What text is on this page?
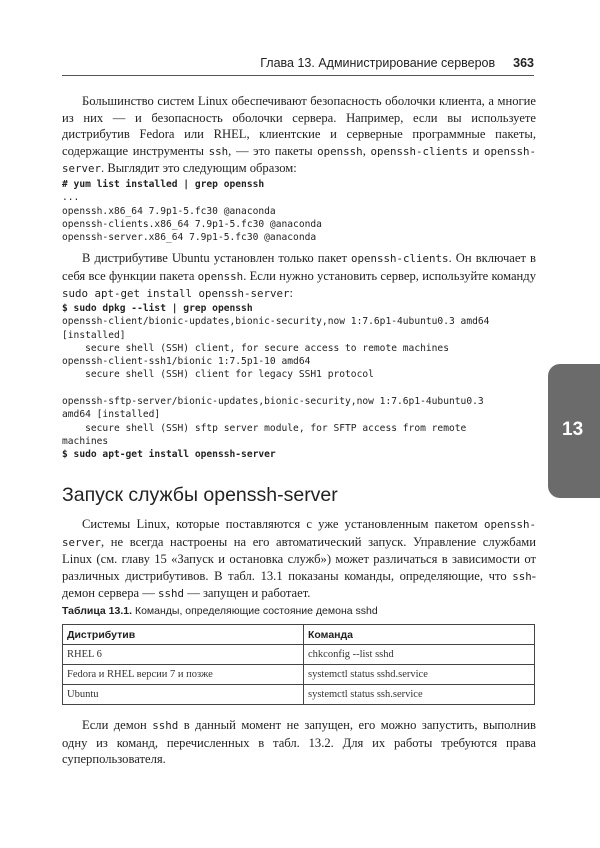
Глава 13. Администрирование серверов 363

Большинство систем Linux обеспечивают безопасность оболочки клиента, а многие из них — и безопасность оболочки сервера. Например, если вы используете дистрибутив Fedora или RHEL, клиентские и серверные программные пакеты, содержащие инструменты ssh, — это пакеты openssh, openssh-clients и openssh-server. Выглядит это следующим образом:

# yum list installed | grep openssh
...
openssh.x86_64 7.9p1-5.fc30 @anaconda
openssh-clients.x86_64 7.9p1-5.fc30 @anaconda
openssh-server.x86_64 7.9p1-5.fc30 @anaconda

В дистрибутиве Ubuntu установлен только пакет openssh-clients. Он включает в себя все функции пакета openssh. Если нужно установить сервер, используйте команду sudo apt-get install openssh-server:

$ sudo dpkg --list | grep openssh
openssh-client/bionic-updates,bionic-security,now 1:7.6p1-4ubuntu0.3 amd64
[installed]
secure shell (SSH) client, for secure access to remote machines
openssh-client-ssh1/bionic 1:7.5p1-10 amd64
secure shell (SSH) client for legacy SSH1 protocol

openssh-sftp-server/bionic-updates,bionic-security,now 1:7.6p1-4ubuntu0.3
amd64 [installed]
secure shell (SSH) sftp server module, for SFTP access from remote
machines
$ sudo apt-get install openssh-server
13
Запуск службы openssh-server

Системы Linux, которые поставляются с уже установленным пакетом openssh-server, не всегда настроены на его автоматический запуск. Управление службами Linux (см. главу 15 «Запуск и остановка служб») может различаться в зависимости от различных дистрибутивов. В табл. 13.1 показаны команды, определяющие, что ssh-демон сервера — sshd — запущен и работает.

Таблица 13.1. Команды, определяющие состояние демона sshd
Дистрибутив	Команда
RHEL 6	chkconfig --list sshd
Fedora и RHEL версии 7 и позже	systemctl status sshd.service
Ubuntu	systemctl status ssh.service

Если демон sshd в данный момент не запущен, его можно запустить, выполнив одну из команд, перечисленных в табл. 13.2. Для их работы требуются права суперпользователя.
